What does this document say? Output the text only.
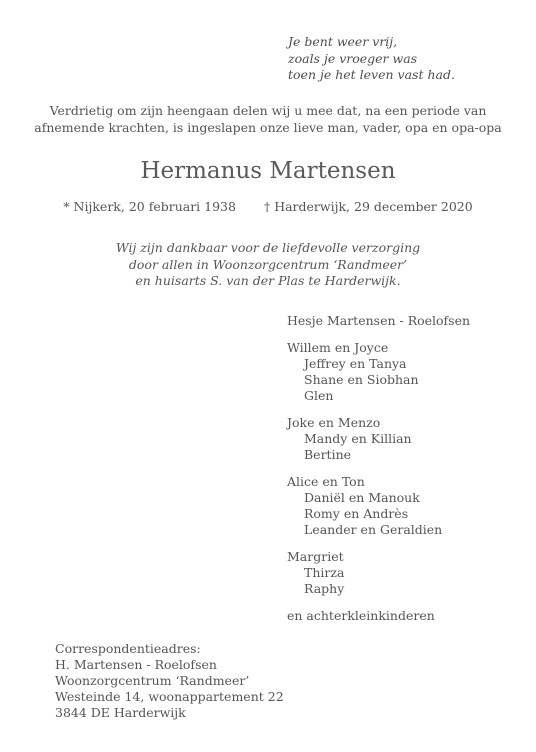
Je bent weer vrij,
zoals je vroeger was
toen je het leven vast had.
Verdrietig om zijn heengaan delen wij u mee dat, na een periode van
afnemende krachten, is ingeslapen onze lieve man, vader, opa en opa-opa
Hermanus Martensen
* Nijkerk, 20 februari 1938 † Harderwijk, 29 december 2020
Wij zijn dankbaar voor de liefdevolle verzorging
door allen in Woonzorgcentrum ‘Randmeer’
en huisarts S. van der Plas te Harderwijk.
Hesje Martensen - Roelofsen
Willem en Joyce
Jeffrey en Tanya
Shane en Siobhan
Glen
Joke en Menzo
Mandy en Killian
Bertine
Alice en Ton
Daniël en Manouk
Romy en Andrès
Leander en Geraldien
Margriet
Thirza
Raphy
en achterkleinkinderen
Correspondentieadres:
H. Martensen - Roelofsen
Woonzorgcentrum ‘Randmeer’
Westeinde 14, woonappartement 22
3844 DE Harderwijk
